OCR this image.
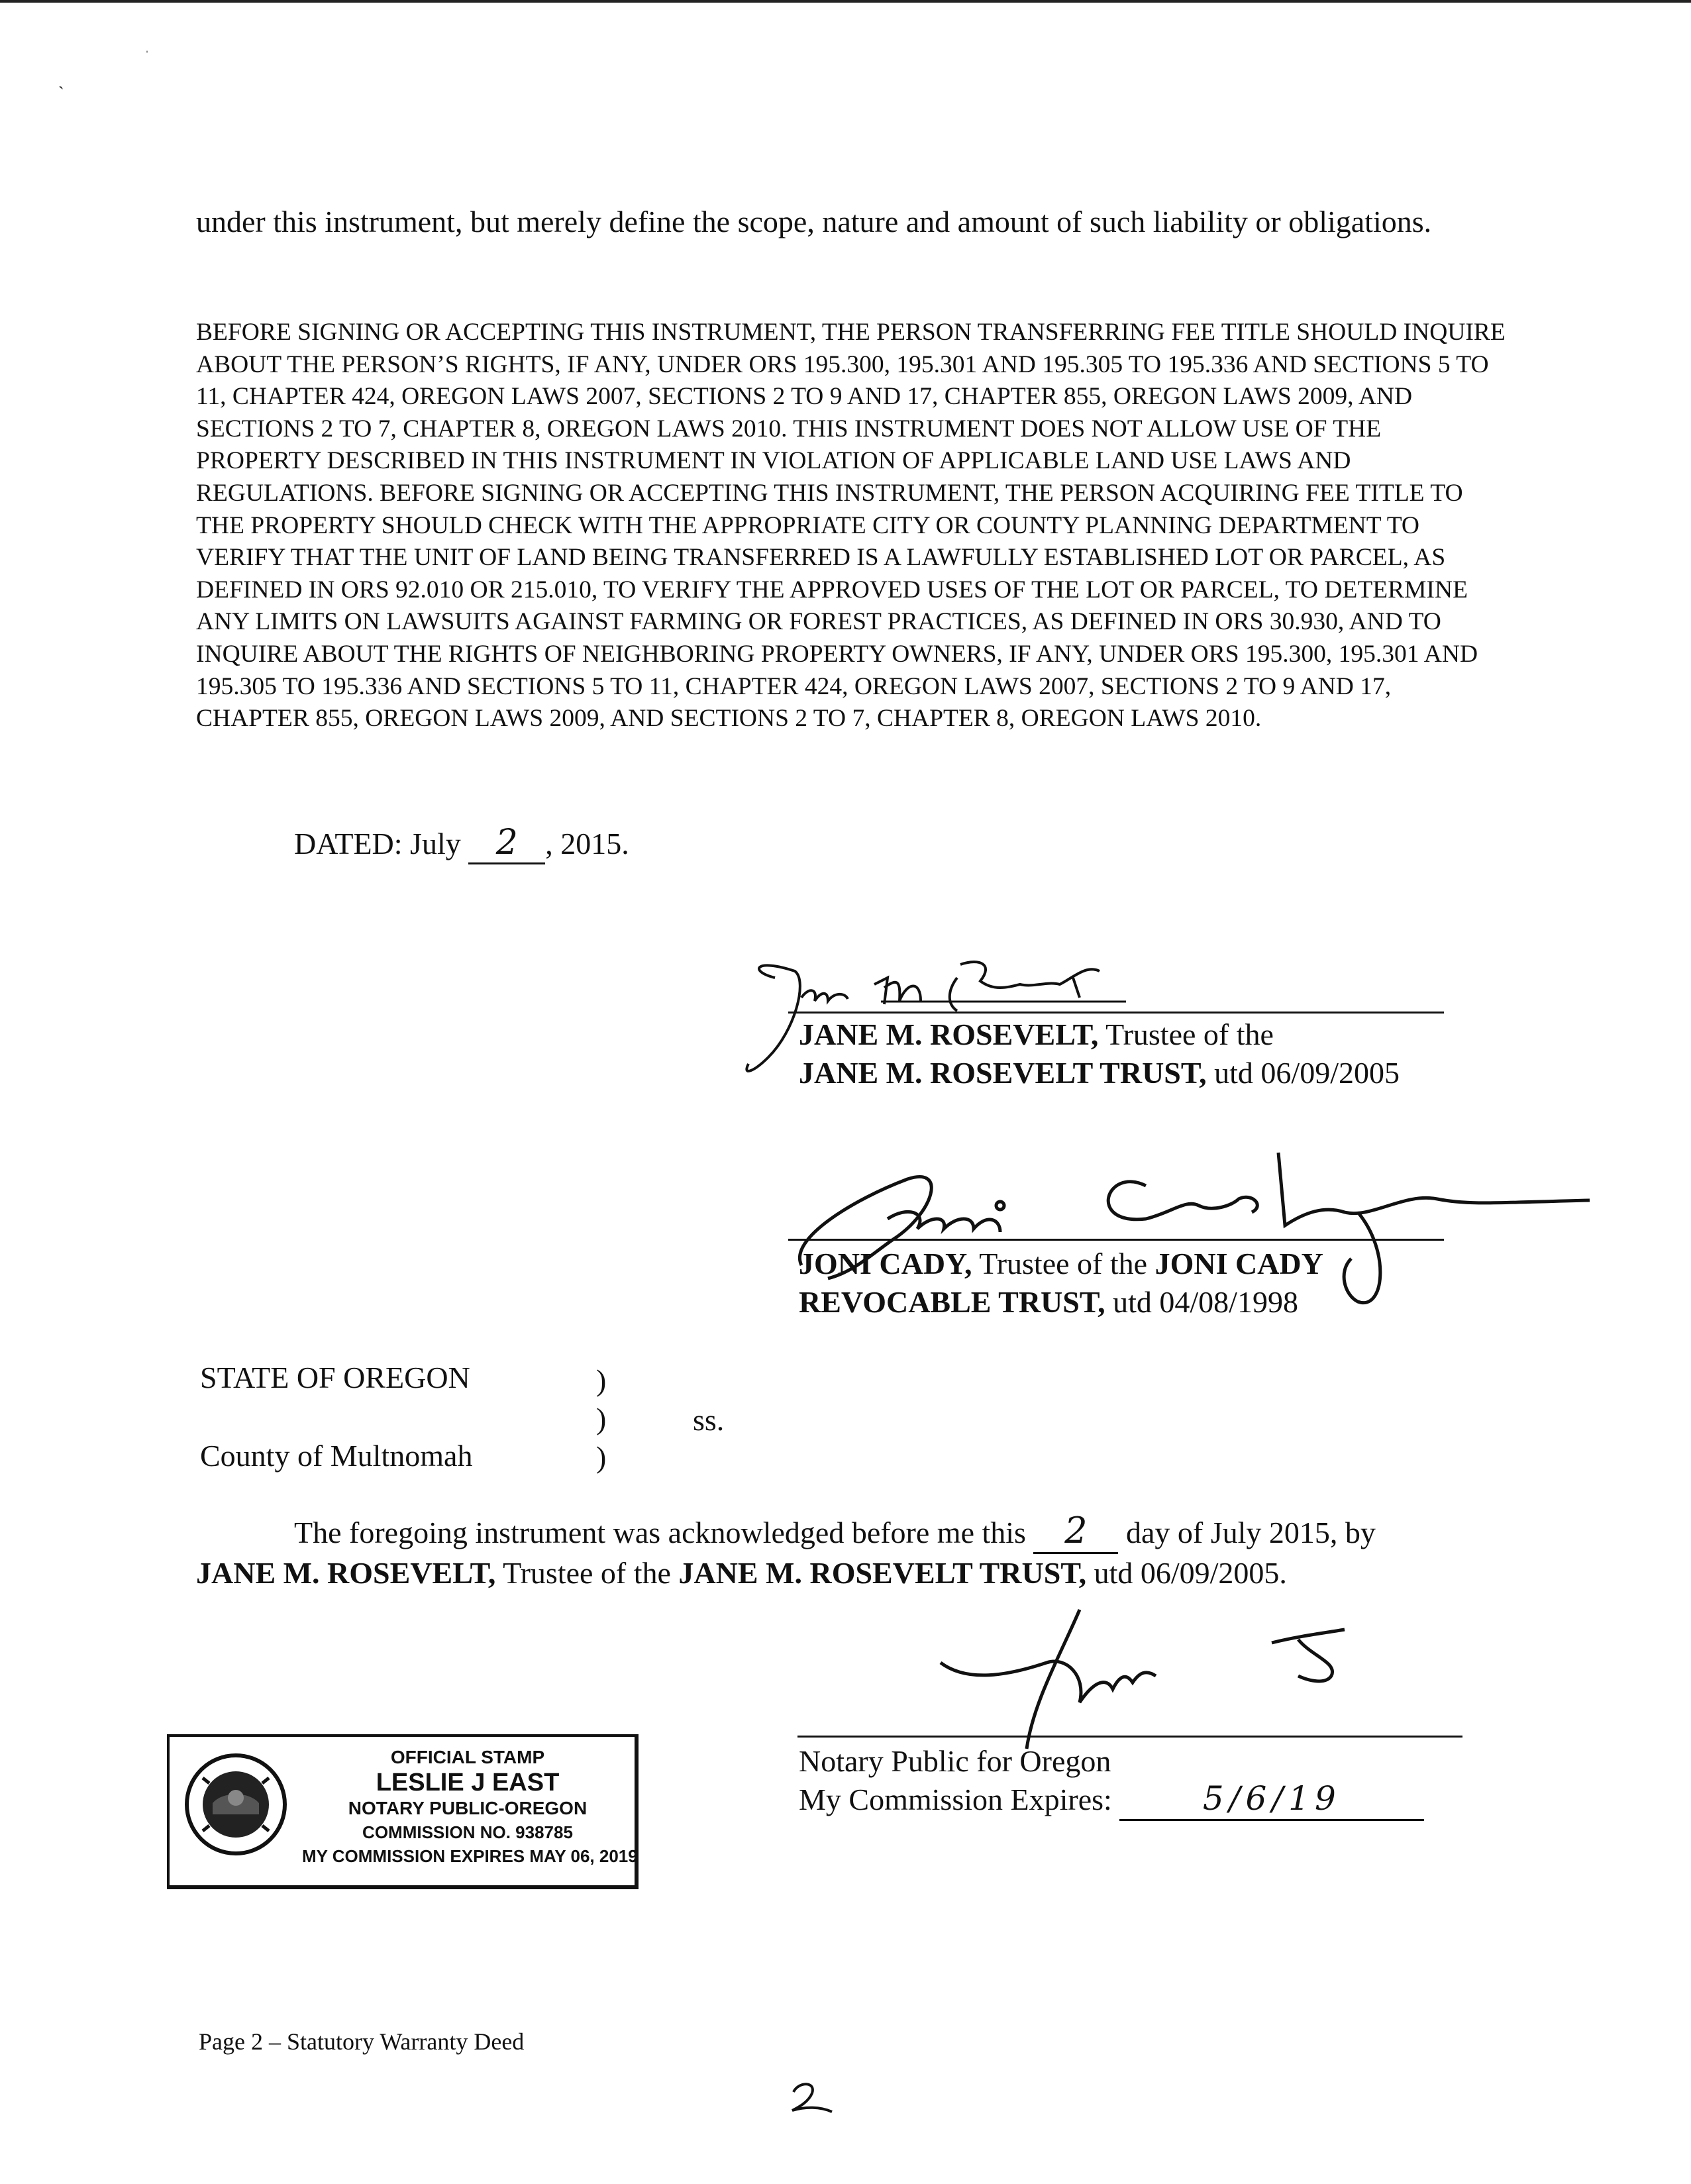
ˈ
˴
under this instrument, but merely define the scope, nature and amount of such liability or obligations.

BEFORE SIGNING OR ACCEPTING THIS INSTRUMENT, THE PERSON TRANSFERRING FEE TITLE SHOULD INQUIRE ABOUT THE PERSON’S RIGHTS, IF ANY, UNDER ORS 195.300, 195.301 AND 195.305 TO 195.336 AND SECTIONS 5 TO 11, CHAPTER 424, OREGON LAWS 2007, SECTIONS 2 TO 9 AND 17, CHAPTER 855, OREGON LAWS 2009, AND SECTIONS 2 TO 7, CHAPTER 8, OREGON LAWS 2010. THIS INSTRUMENT DOES NOT ALLOW USE OF THE PROPERTY DESCRIBED IN THIS INSTRUMENT IN VIOLATION OF APPLICABLE LAND USE LAWS AND REGULATIONS. BEFORE SIGNING OR ACCEPTING THIS INSTRUMENT, THE PERSON ACQUIRING FEE TITLE TO THE PROPERTY SHOULD CHECK WITH THE APPROPRIATE CITY OR COUNTY PLANNING DEPARTMENT TO VERIFY THAT THE UNIT OF LAND BEING TRANSFERRED IS A LAWFULLY ESTABLISHED LOT OR PARCEL, AS DEFINED IN ORS 92.010 OR 215.010, TO VERIFY THE APPROVED USES OF THE LOT OR PARCEL, TO DETERMINE ANY LIMITS ON LAWSUITS AGAINST FARMING OR FOREST PRACTICES, AS DEFINED IN ORS 30.930, AND TO INQUIRE ABOUT THE RIGHTS OF NEIGHBORING PROPERTY OWNERS, IF ANY, UNDER ORS 195.300, 195.301 AND 195.305 TO 195.336 AND SECTIONS 5 TO 11, CHAPTER 424, OREGON LAWS 2007, SECTIONS 2 TO 9 AND 17, CHAPTER 855, OREGON LAWS 2009, AND SECTIONS 2 TO 7, CHAPTER 8, OREGON LAWS 2010.

DATED: July 2 , 2015.
JANE M. ROSEVELT, Trustee of the
JANE M. ROSEVELT TRUST, utd 06/09/2005
JONI CADY, Trustee of the JONI CADY
REVOCABLE TRUST, utd 04/08/1998
STATE OF OREGON
County of Multnomah
)
)
)
ss.
The foregoing instrument was acknowledged before me this 2 day of July 2015, by
JANE M. ROSEVELT, Trustee of the JANE M. ROSEVELT TRUST, utd 06/09/2005.
Notary Public for Oregon
My Commission Expires:	5/6/19
OFFICIAL STAMP
LESLIE J EAST
NOTARY PUBLIC-OREGON
COMMISSION NO. 938785
MY COMMISSION EXPIRES MAY 06, 2019
Page 2 – Statutory Warranty Deed
